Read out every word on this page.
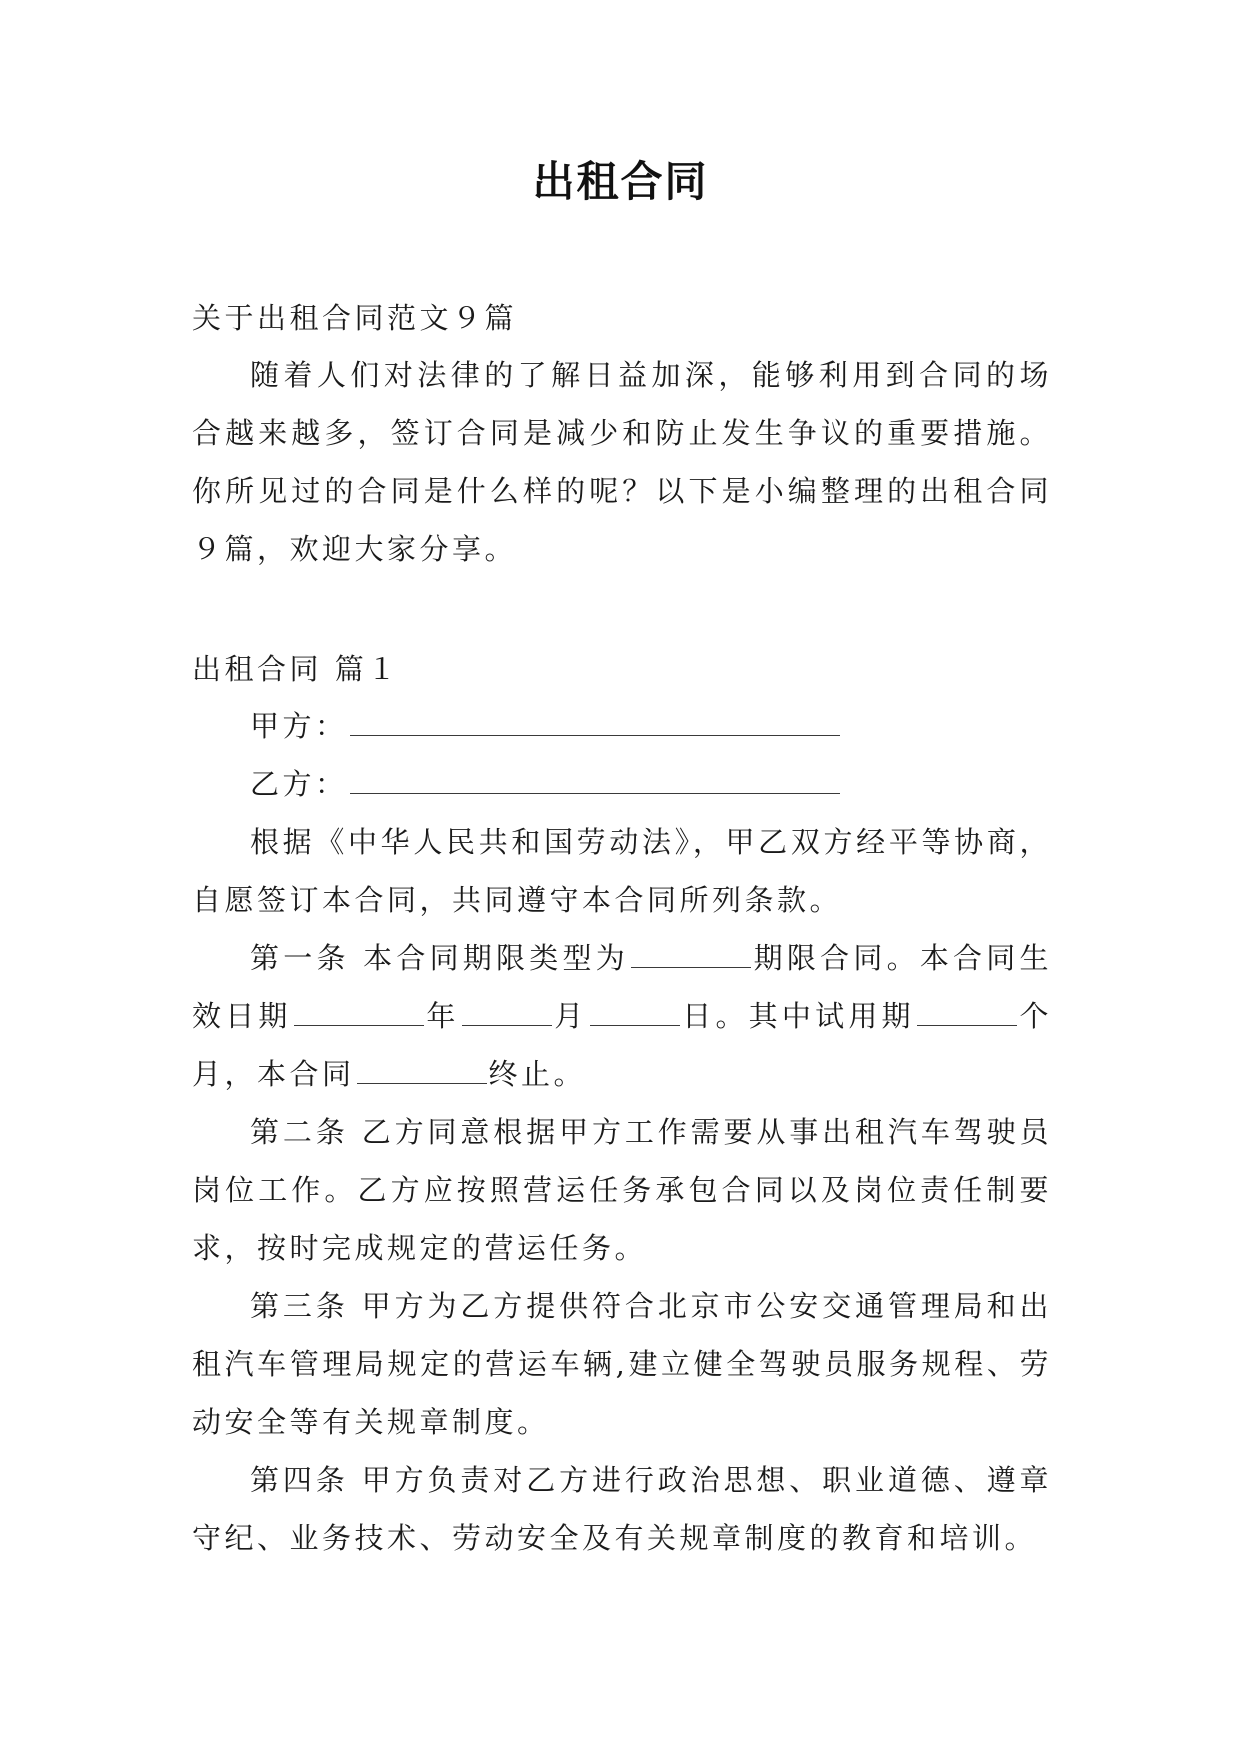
出租合同
关于出租合同范文９篇

随着人们对法律的了解日益加深，能够利用到合同的场合越来越多，签订合同是减少和防止发生争议的重要措施。你所见过的合同是什么样的呢？以下是小编整理的出租合同９篇，欢迎大家分享。

出租合同 篇１

甲方：

乙方：

根据《中华人民共和国劳动法》，甲乙双方经平等协商，自愿签订本合同，共同遵守本合同所列条款。

第一条 本合同期限类型为	期限合同。本合同生效日期	年	月	日。其中试用期	个月，本合同	终止。

第二条 乙方同意根据甲方工作需要从事出租汽车驾驶员岗位工作。乙方应按照营运任务承包合同以及岗位责任制要求，按时完成规定的营运任务。

第三条 甲方为乙方提供符合北京市公安交通管理局和出租汽车管理局规定的营运车辆,建立健全驾驶员服务规程、劳动安全等有关规章制度。

第四条 甲方负责对乙方进行政治思想、职业道德、遵章守纪、业务技术、劳动安全及有关规章制度的教育和培训。
